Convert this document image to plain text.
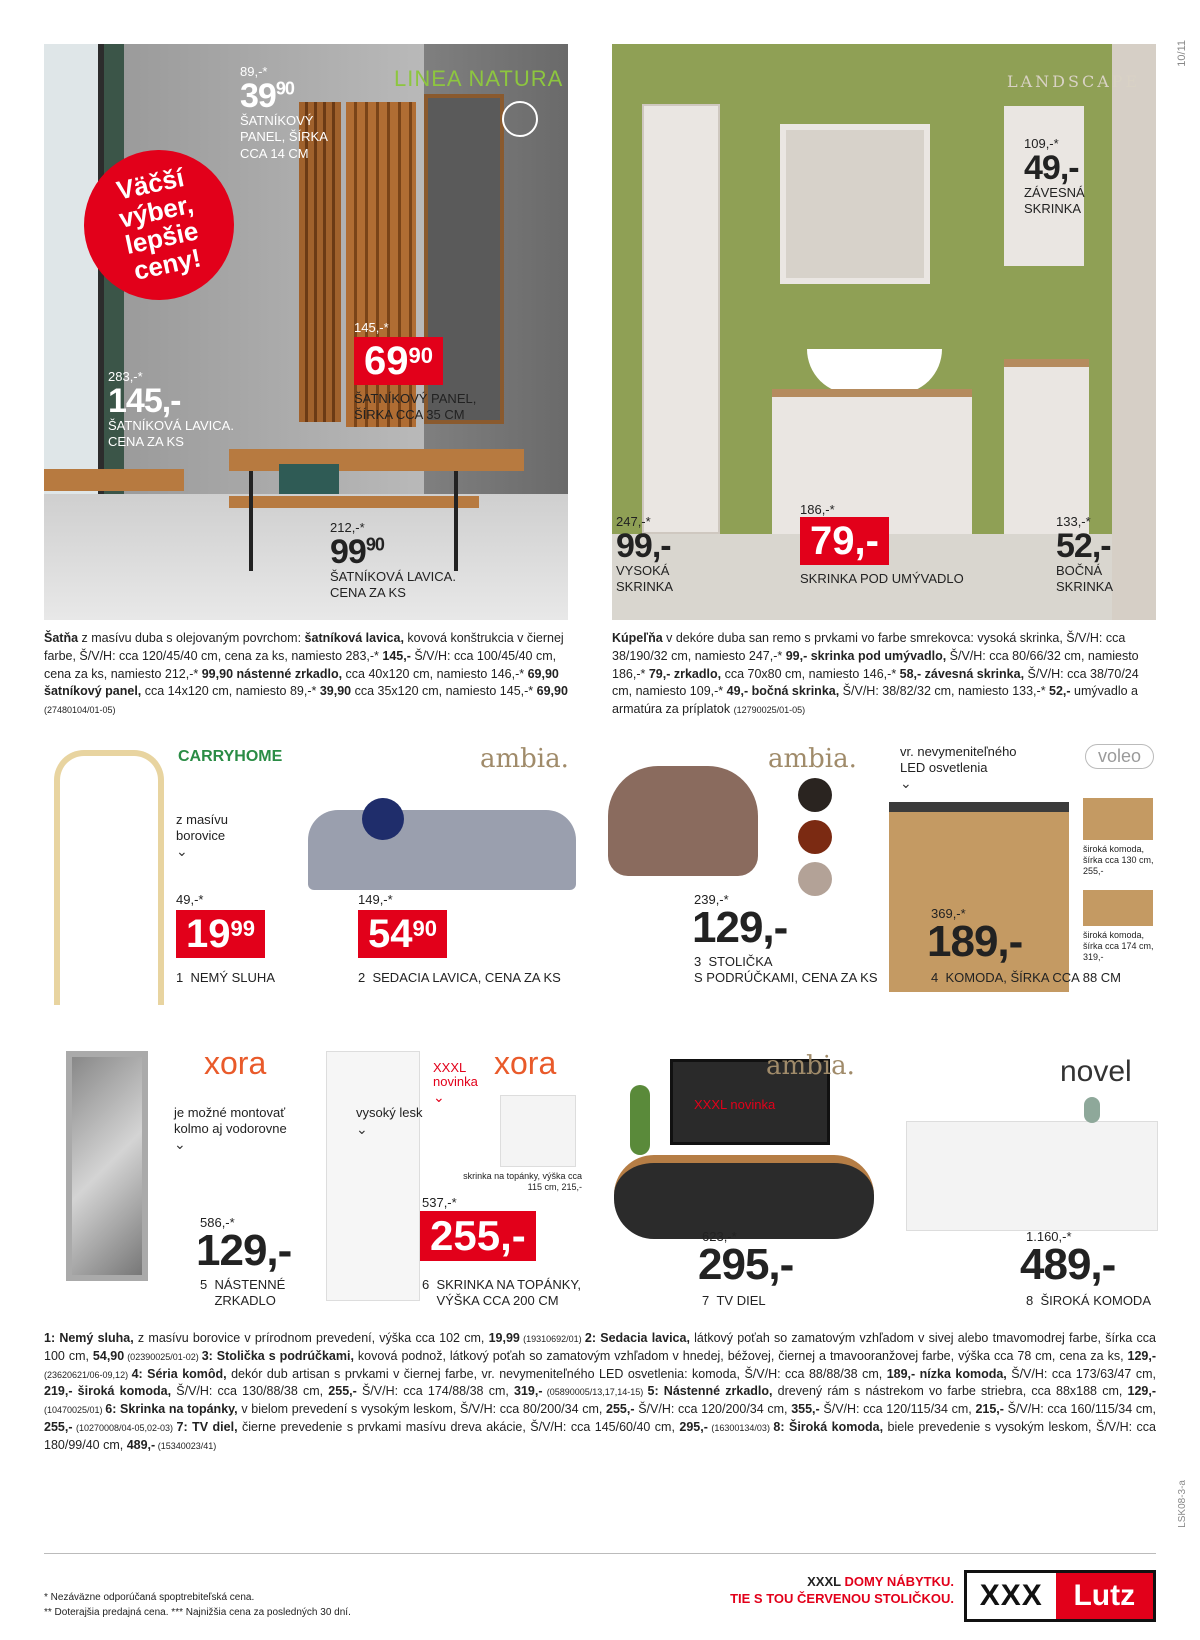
10/11
LSK08-3-a
Väčší výber, lepšie ceny!
LINEA NATURA
89,-*
$39^{90}$
ŠATNÍKOVÝ PANEL, ŠÍRKA CCA 14 CM
145,-*
69 90
ŠATNÍKOVÝ PANEL, ŠÍRKA CCA 35 CM
283,-*
145,-
ŠATNÍKOVÁ LAVICA. CENA ZA KS
212,-*
$99^{90}$
ŠATNÍKOVÁ LAVICA. CENA ZA KS
LANDSCAPE
109,-*
49,-
ZÁVESNÁ SKRINKA
247,-*
99,-
VYSOKÁ SKRINKA
186,-*
79,-
SKRINKA POD UMÝVADLO
133,-*
52,-
BOČNÁ SKRINKA
Šatňa z masívu duba s olejovaným povrchom: šatníková lavica, kovová konštrukcia v čiernej farbe, Š/V/H: cca 120/45/40 cm, cena za ks, namiesto 283,-* 145,- Š/V/H: cca 100/45/40 cm, cena za ks, namiesto 212,-* 99,90 nástenné zrkadlo, cca 40x120 cm, namiesto 146,-* 69,90 šatníkový panel, cca 14x120 cm, namiesto 89,-* 39,90 cca 35x120 cm, namiesto 145,-* 69,90 (27480104/01-05)
Kúpeľňa v dekóre duba san remo s prvkami vo farbe smrekovca: vysoká skrinka, Š/V/H: cca 38/190/32 cm, namiesto 247,-* 99,- skrinka pod umývadlo, Š/V/H: cca 80/66/32 cm, namiesto 186,-* 79,- zrkadlo, cca 70x80 cm, namiesto 146,-* 58,- závesná skrinka, Š/V/H: cca 38/70/24 cm, namiesto 109,-* 49,- bočná skrinka, Š/V/H: 38/82/32 cm, namiesto 133,-* 52,- umývadlo a armatúra za príplatok (12790025/01-05)
CARRYHOME
z masívu borovice
⌄
49,-*
19 99
1 NEMÝ SLUHA
ambia.
149,-*
54 90
2 SEDACIA LAVICA, CENA ZA KS
ambia.
239,-*
129,-
3 STOLIČKA
S PODRÚČKAMI, CENA ZA KS
vr. nevymeniteľného LED osvetlenia
⌄
voleo
široká komoda, šírka cca 130 cm, 255,-
široká komoda, šírka cca 174 cm, 319,-
369,-*
189,-
4 KOMODA, ŠÍRKA CCA 88 CM
xora
je možné montovať kolmo aj vodorovne
⌄
586,-*
129,-
5 NÁSTENNÉ
ZRKADLO
vysoký lesk
⌄
XXXL novinka
⌄
xora
skrinka na topánky, výška cca 115 cm, 215,-
537,-*
255,-
6 SKRINKA NA TOPÁNKY,
VÝŠKA CCA 200 CM
ambia.
XXXL novinka
623,-*
295,-
7 TV DIEL
novel
1.160,-*
489,-
8 ŠIROKÁ KOMODA
1: Nemý sluha, z masívu borovice v prírodnom prevedení, výška cca 102 cm, 19,99 (19310692/01) 2: Sedacia lavica, látkový poťah so zamatovým vzhľadom v sivej alebo tmavomodrej farbe, šírka cca 100 cm, 54,90 (02390025/01-02) 3: Stolička s podrúčkami, kovová podnož, látkový poťah so zamatovým vzhľadom v hnedej, béžovej, čiernej a tmavooranžovej farbe, výška cca 78 cm, cena za ks, 129,- (23620621/06-09,12) 4: Séria komôd, dekór dub artisan s prvkami v čiernej farbe, vr. nevymeniteľného LED osvetlenia: komoda, Š/V/H: cca 88/88/38 cm, 189,- nízka komoda, Š/V/H: cca 173/63/47 cm, 219,- široká komoda, Š/V/H: cca 130/88/38 cm, 255,- Š/V/H: cca 174/88/38 cm, 319,- (05890005/13,17,14-15) 5: Nástenné zrkadlo, drevený rám s nástrekom vo farbe striebra, cca 88x188 cm, 129,- (10470025/01) 6: Skrinka na topánky, v bielom prevedení s vysokým leskom, Š/V/H: cca 80/200/34 cm, 255,- Š/V/H: cca 120/200/34 cm, 355,- Š/V/H: cca 120/115/34 cm, 215,- Š/V/H: cca 160/115/34 cm, 255,- (10270008/04-05,02-03) 7: TV diel, čierne prevedenie s prvkami masívu dreva akácie, Š/V/H: cca 145/60/40 cm, 295,- (16300134/03) 8: Široká komoda, biele prevedenie s vysokým leskom, Š/V/H: cca 180/99/40 cm, 489,- (15340023/41)
* Nezáväzne odporúčaná spoptrebiteľská cena.
** Doterajšia predajná cena. *** Najnižšia cena za posledných 30 dní.
XXXL DOMY NÁBYTKU.
TIE S TOU ČERVENOU STOLIČKOU. XXX	Lutz
